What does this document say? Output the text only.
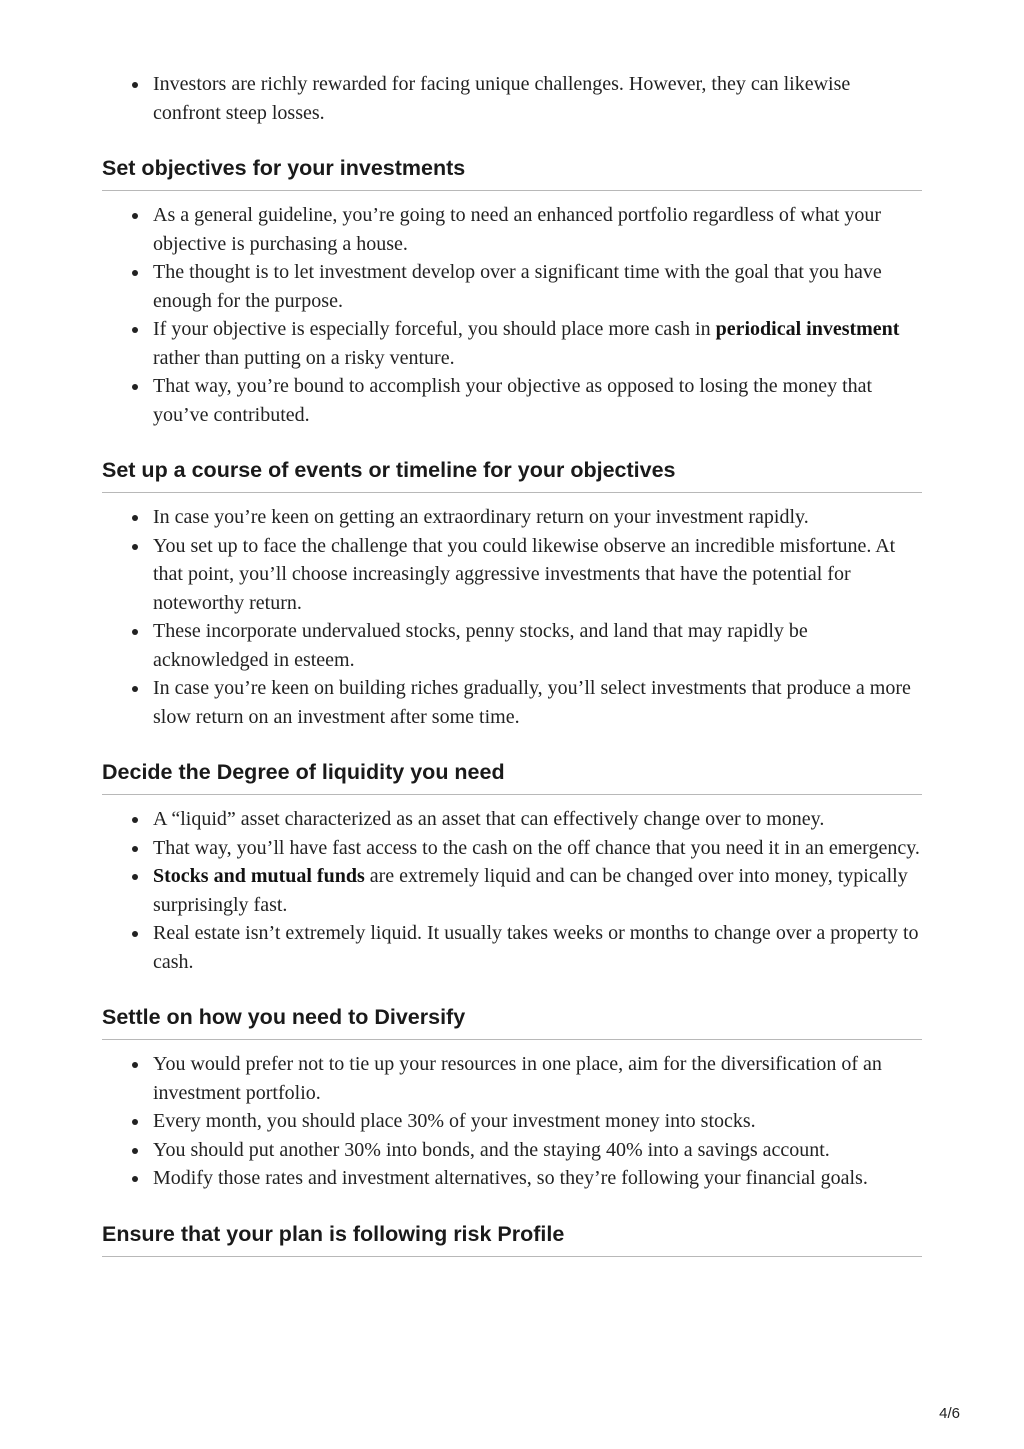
Investors are richly rewarded for facing unique challenges. However, they can likewise confront steep losses.
Set objectives for your investments
As a general guideline, you’re going to need an enhanced portfolio regardless of what your objective is purchasing a house.
The thought is to let investment develop over a significant time with the goal that you have enough for the purpose.
If your objective is especially forceful, you should place more cash in periodical investment rather than putting on a risky venture.
That way, you’re bound to accomplish your objective as opposed to losing the money that you’ve contributed.
Set up a course of events or timeline for your objectives
In case you’re keen on getting an extraordinary return on your investment rapidly.
You set up to face the challenge that you could likewise observe an incredible misfortune. At that point, you’ll choose increasingly aggressive investments that have the potential for noteworthy return.
These incorporate undervalued stocks, penny stocks, and land that may rapidly be acknowledged in esteem.
In case you’re keen on building riches gradually, you’ll select investments that produce a more slow return on an investment after some time.
Decide the Degree of liquidity you need
A “liquid” asset characterized as an asset that can effectively change over to money.
That way, you’ll have fast access to the cash on the off chance that you need it in an emergency.
Stocks and mutual funds are extremely liquid and can be changed over into money, typically surprisingly fast.
Real estate isn’t extremely liquid. It usually takes weeks or months to change over a property to cash.
Settle on how you need to Diversify
You would prefer not to tie up your resources in one place, aim for the diversification of an investment portfolio.
Every month, you should place 30% of your investment money into stocks.
You should put another 30% into bonds, and the staying 40% into a savings account.
Modify those rates and investment alternatives, so they’re following your financial goals.
Ensure that your plan is following risk Profile
4/6
